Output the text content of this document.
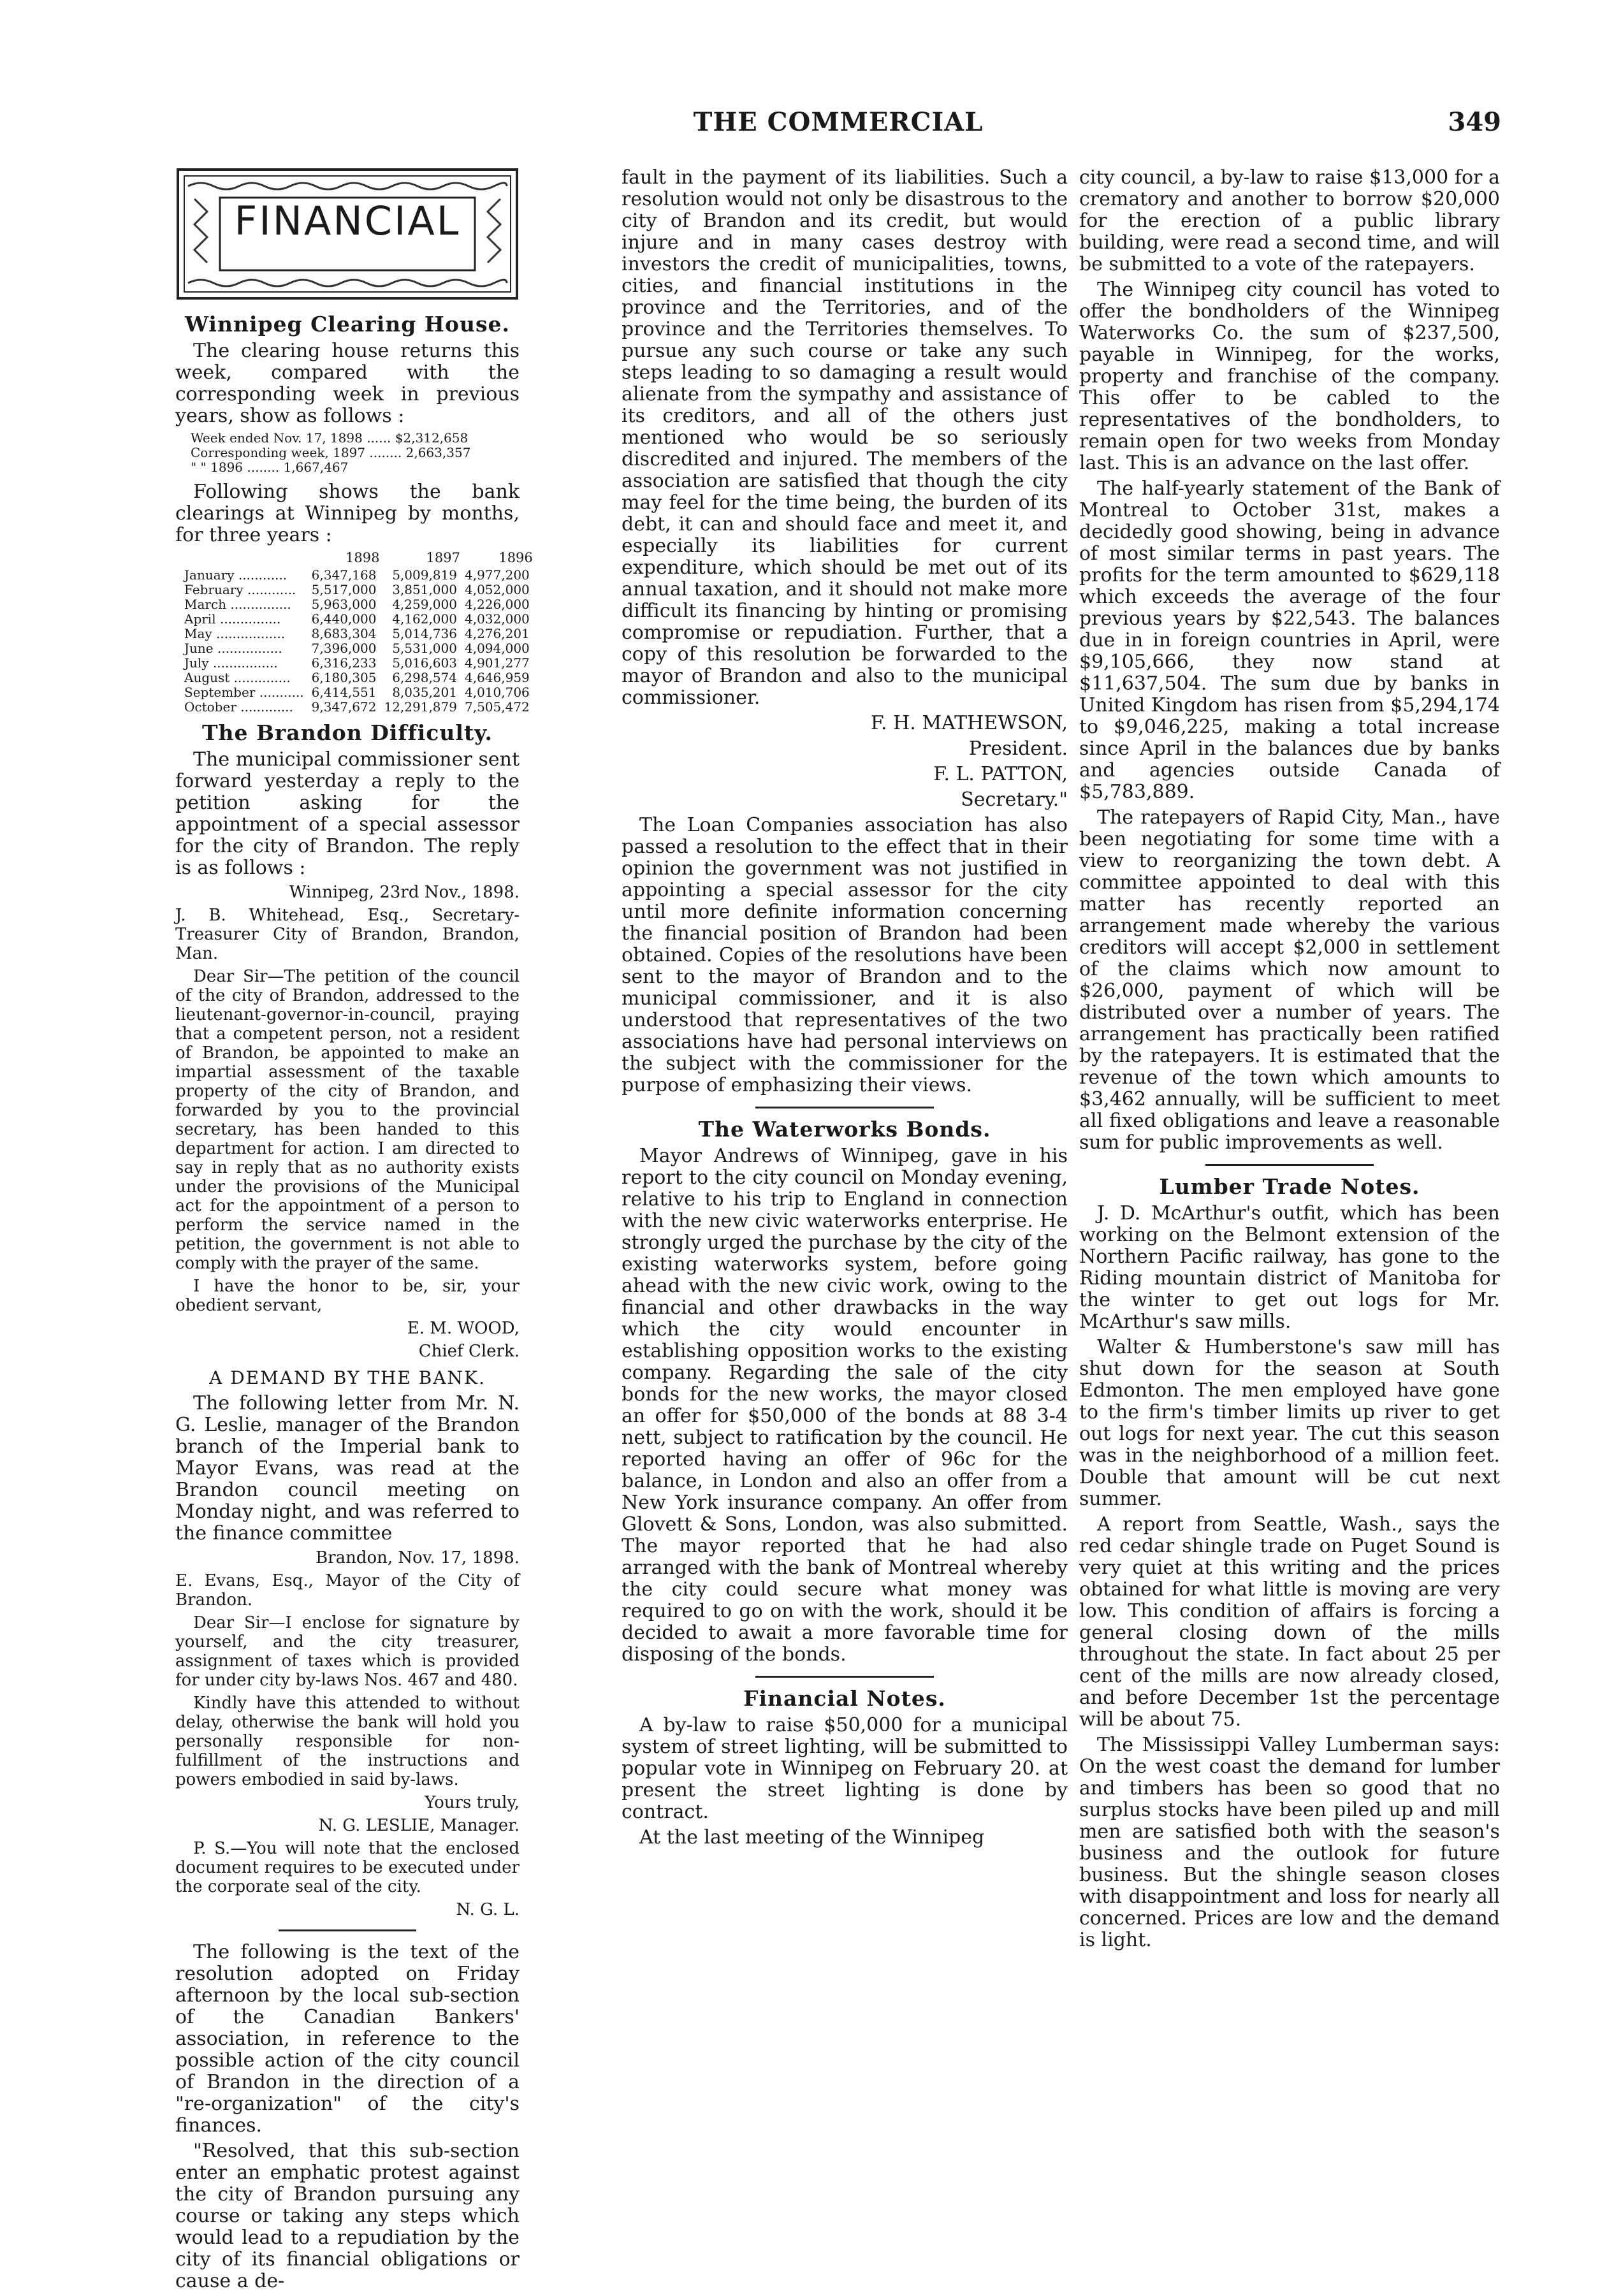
THE COMMERCIAL	349
FINANCIAL
Winnipeg Clearing House.

The clearing house returns this week, compared with the corresponding week in previous years, show as follows :

Week ended Nov. 17, 1898 ...... $2,312,658
Corresponding week, 1897 ........ 2,663,357
" " 1896 ........ 1,667,467

Following shows the bank clearings at Winnipeg by months, for three years :

	1898	1897	1896
January ............	6,347,168	5,009,819	4,977,200
February ............	5,517,000	3,851,000	4,052,000
March ...............	5,963,000	4,259,000	4,226,000
April ...............	6,440,000	4,162,000	4,032,000
May .................	8,683,304	5,014,736	4,276,201
June ................	7,396,000	5,531,000	4,094,000
July ................	6,316,233	5,016,603	4,901,277
August ..............	6,180,305	6,298,574	4,646,959
September ...........	6,414,551	8,035,201	4,010,706
October .............	9,347,672	12,291,879	7,505,472
The Brandon Difficulty.

The municipal commissioner sent forward yesterday a reply to the petition asking for the appointment of a special assessor for the city of Brandon. The reply is as follows :

Winnipeg, 23rd Nov., 1898.

J. B. Whitehead, Esq., Secretary-Treasurer City of Brandon, Brandon, Man.

Dear Sir—The petition of the council of the city of Brandon, addressed to the lieutenant-governor-in-council, praying that a competent person, not a resident of Brandon, be appointed to make an impartial assessment of the taxable property of the city of Brandon, and forwarded by you to the provincial secretary, has been handed to this department for action. I am directed to say in reply that as no authority exists under the provisions of the Municipal act for the appointment of a person to perform the service named in the petition, the government is not able to comply with the prayer of the same.

I have the honor to be, sir, your obedient servant,

E. M. WOOD,

Chief Clerk.

A DEMAND BY THE BANK.

The following letter from Mr. N. G. Leslie, manager of the Brandon branch of the Imperial bank to Mayor Evans, was read at the Brandon council meeting on Monday night, and was referred to the finance committee

Brandon, Nov. 17, 1898.

E. Evans, Esq., Mayor of the City of Brandon.

Dear Sir—I enclose for signature by yourself, and the city treasurer, assignment of taxes which is provided for under city by-laws Nos. 467 and 480.

Kindly have this attended to without delay, otherwise the bank will hold you personally responsible for non-fulfillment of the instructions and powers embodied in said by-laws.

Yours truly,

N. G. LESLIE, Manager.

P. S.—You will note that the enclosed document requires to be executed under the corporate seal of the city.

N. G. L.

The following is the text of the resolution adopted on Friday afternoon by the local sub-section of the Canadian Bankers' association, in reference to the possible action of the city council of Brandon in the direction of a "re-organization" of the city's finances.

"Resolved, that this sub-section enter an emphatic protest against the city of Brandon pursuing any course or taking any steps which would lead to a repudiation by the city of its financial obligations or cause a de-

fault in the payment of its liabilities. Such a resolution would not only be disastrous to the city of Brandon and its credit, but would injure and in many cases destroy with investors the credit of municipalities, towns, cities, and financial institutions in the province and the Territories, and of the province and the Territories themselves. To pursue any such course or take any such steps leading to so damaging a result would alienate from the sympathy and assistance of its creditors, and all of the others just mentioned who would be so seriously discredited and injured. The members of the association are satisfied that though the city may feel for the time being, the burden of its debt, it can and should face and meet it, and especially its liabilities for current expenditure, which should be met out of its annual taxation, and it should not make more difficult its financing by hinting or promising compromise or repudiation. Further, that a copy of this resolution be forwarded to the mayor of Brandon and also to the municipal commissioner.

F. H. MATHEWSON,

President.

F. L. PATTON,

Secretary."

The Loan Companies association has also passed a resolution to the effect that in their opinion the government was not justified in appointing a special assessor for the city until more definite information concerning the financial position of Brandon had been obtained. Copies of the resolutions have been sent to the mayor of Brandon and to the municipal commissioner, and it is also understood that representatives of the two associations have had personal interviews on the subject with the commissioner for the purpose of emphasizing their views.

The Waterworks Bonds.

Mayor Andrews of Winnipeg, gave in his report to the city council on Monday evening, relative to his trip to England in connection with the new civic waterworks enterprise. He strongly urged the purchase by the city of the existing waterworks system, before going ahead with the new civic work, owing to the financial and other drawbacks in the way which the city would encounter in establishing opposition works to the existing company. Regarding the sale of the city bonds for the new works, the mayor closed an offer for $50,000 of the bonds at 88 3-4 nett, subject to ratification by the council. He reported having an offer of 96c for the balance, in London and also an offer from a New York insurance company. An offer from Glovett & Sons, London, was also submitted. The mayor reported that he had also arranged with the bank of Montreal whereby the city could secure what money was required to go on with the work, should it be decided to await a more favorable time for disposing of the bonds.

Financial Notes.

A by-law to raise $50,000 for a municipal system of street lighting, will be submitted to popular vote in Winnipeg on February 20. at present the street lighting is done by contract.

At the last meeting of the Winnipeg

city council, a by-law to raise $13,000 for a crematory and another to borrow $20,000 for the erection of a public library building, were read a second time, and will be submitted to a vote of the ratepayers.

The Winnipeg city council has voted to offer the bondholders of the Winnipeg Waterworks Co. the sum of $237,500, payable in Winnipeg, for the works, property and franchise of the company. This offer to be cabled to the representatives of the bondholders, to remain open for two weeks from Monday last. This is an advance on the last offer.

The half-yearly statement of the Bank of Montreal to October 31st, makes a decidedly good showing, being in advance of most similar terms in past years. The profits for the term amounted to $629,118 which exceeds the average of the four previous years by $22,543. The balances due in in foreign countries in April, were $9,105,666, they now stand at $11,637,504. The sum due by banks in United Kingdom has risen from $5,294,174 to $9,046,225, making a total increase since April in the balances due by banks and agencies outside Canada of $5,783,889.

The ratepayers of Rapid City, Man., have been negotiating for some time with a view to reorganizing the town debt. A committee appointed to deal with this matter has recently reported an arrangement made whereby the various creditors will accept $2,000 in settlement of the claims which now amount to $26,000, payment of which will be distributed over a number of years. The arrangement has practically been ratified by the ratepayers. It is estimated that the revenue of the town which amounts to $3,462 annually, will be sufficient to meet all fixed obligations and leave a reasonable sum for public improvements as well.

Lumber Trade Notes.

J. D. McArthur's outfit, which has been working on the Belmont extension of the Northern Pacific railway, has gone to the Riding mountain district of Manitoba for the winter to get out logs for Mr. McArthur's saw mills.

Walter & Humberstone's saw mill has shut down for the season at South Edmonton. The men employed have gone to the firm's timber limits up river to get out logs for next year. The cut this season was in the neighborhood of a million feet. Double that amount will be cut next summer.

A report from Seattle, Wash., says the red cedar shingle trade on Puget Sound is very quiet at this writing and the prices obtained for what little is moving are very low. This condition of affairs is forcing a general closing down of the mills throughout the state. In fact about 25 per cent of the mills are now already closed, and before December 1st the percentage will be about 75.

The Mississippi Valley Lumberman says: On the west coast the demand for lumber and timbers has been so good that no surplus stocks have been piled up and mill men are satisfied both with the season's business and the outlook for future business. But the shingle season closes with disappointment and loss for nearly all concerned. Prices are low and the demand is light.
